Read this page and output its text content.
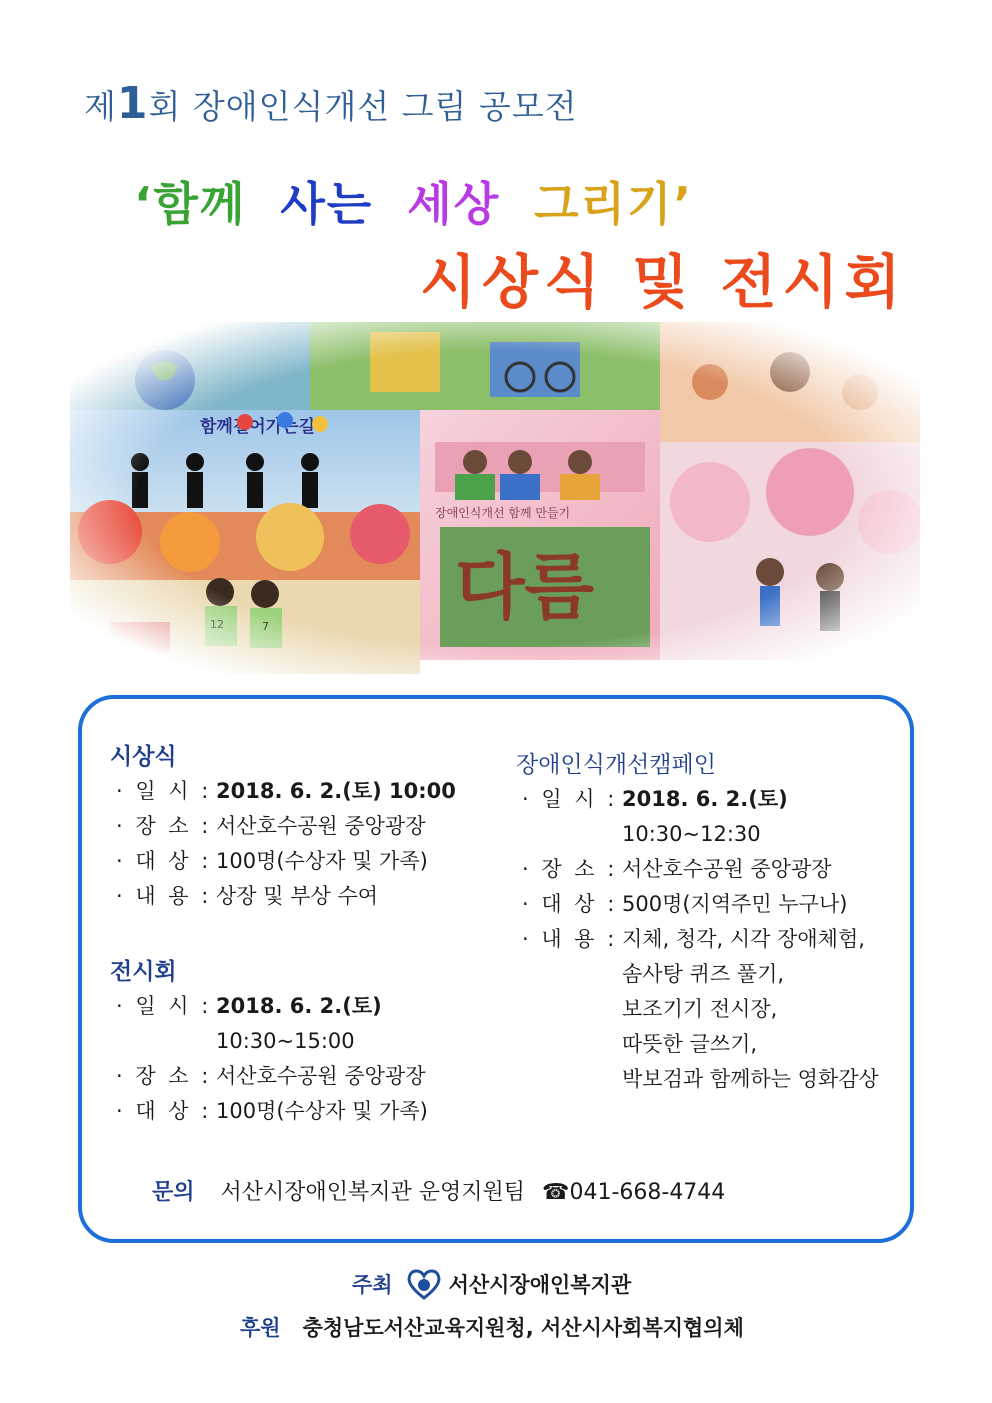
제1회 장애인식개선 그림 공모전
‘함께 사는 세상 그리기’
시상식 및 전시회
시상식
· 일 시 : 2018. 6. 2.(토) 10:00
· 장 소 : 서산호수공원 중앙광장
· 대 상 : 100명(수상자 및 가족)
· 내 용 : 상장 및 부상 수여
전시회
· 일 시 : 2018. 6. 2.(토)
10:30~15:00
· 장 소 : 서산호수공원 중앙광장
· 대 상 : 100명(수상자 및 가족)
장애인식개선캠페인
· 일 시 : 2018. 6. 2.(토)
10:30~12:30
· 장 소 : 서산호수공원 중앙광장
· 대 상 : 500명(지역주민 누구나)
· 내 용 : 지체, 청각, 시각 장애체험,
솜사탕 퀴즈 풀기,
보조기기 전시장,
따뜻한 글쓰기,
박보검과 함께하는 영화감상
문의 서산시장애인복지관 운영지원팀 ☎041-668-4744
주최	서산시장애인복지관
후원 충청남도서산교육지원청, 서산시사회복지협의체
